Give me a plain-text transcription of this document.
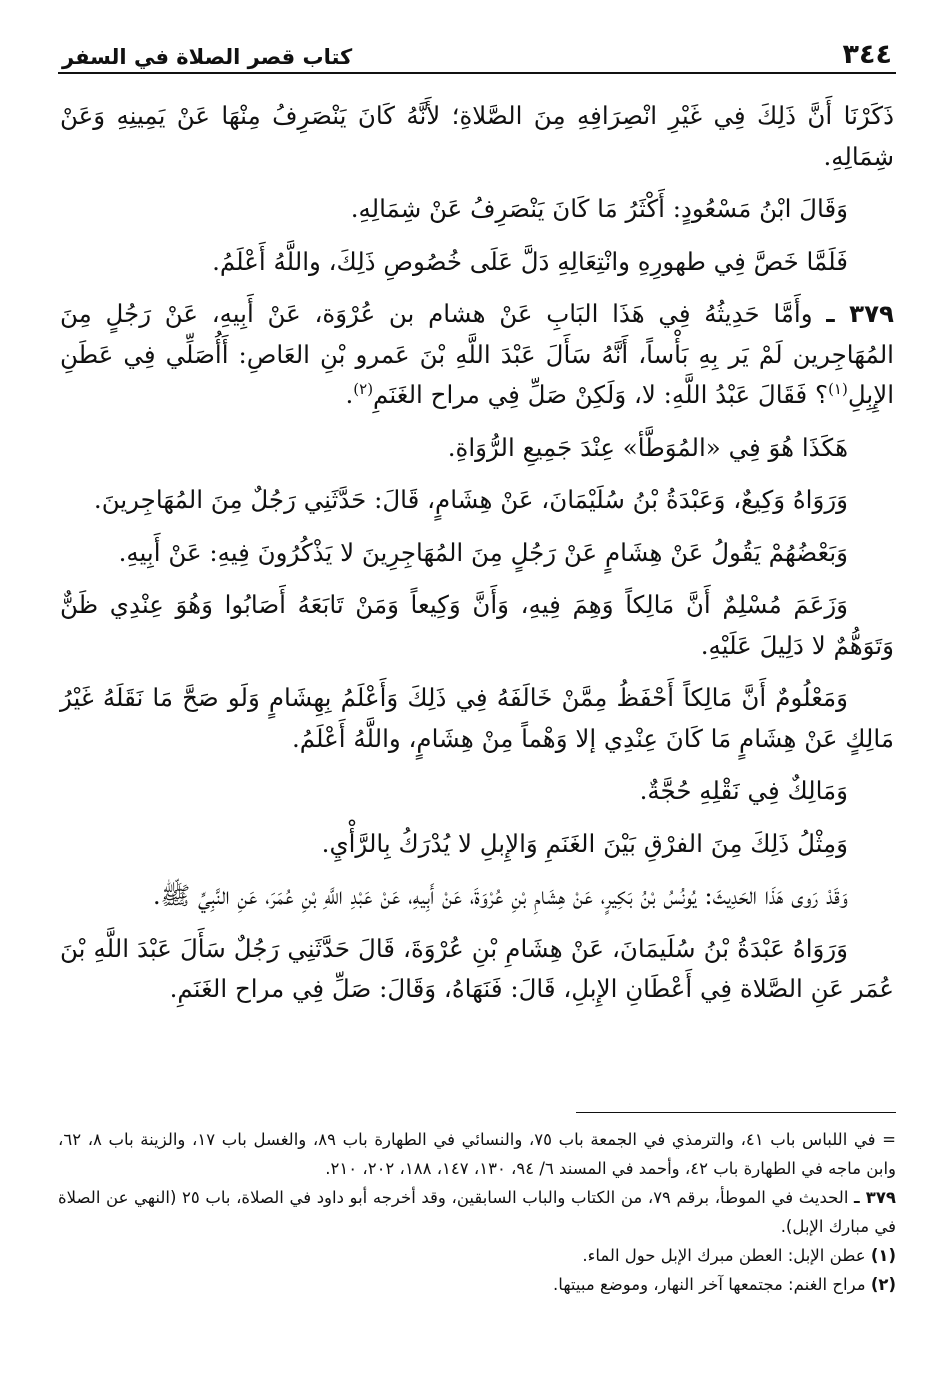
٣٤٤
كتاب قصر الصلاة في السفر

ذَكَرْنَا أَنَّ ذَلِكَ فِي غَيْرِ انْصِرَافِهِ مِنَ الصَّلاةِ؛ لأَنَّهُ كَانَ يَنْصَرِفُ مِنْهَا عَنْ يَمِينِهِ وَعَنْ شِمَالِهِ.

وَقَالَ ابْنُ مَسْعُودٍ: أَكْثَرُ مَا كَانَ يَنْصَرِفُ عَنْ شِمَالِهِ.

فَلَمَّا خَصَّ فِي طهورِهِ وانْتِعَالِهِ دَلَّ عَلَى خُصُوصِ ذَلِكَ، واللَّهُ أَعْلَمُ.

٣٧٩ ـ وأَمَّا حَدِيثُهُ فِي هَذَا البَابِ عَنْ هشام بن عُرْوَة، عَنْ أَبِيهِ، عَنْ رَجُلٍ مِنَ المُهَاجِرين لَمْ يَر بِهِ بَأْساً، أَنَّهُ سَأَلَ عَبْدَ اللَّهِ بْنَ عَمرو بْنِ العَاصِ: أَأُصَلِّي فِي عَطَنِ الإِبِلِ$^{(١)}$؟ فَقَالَ عَبْدُ اللَّهِ: لا، وَلَكِنْ صَلِّ فِي مراح الغَنَمِ$^{(٢)}$.

هَكَذَا هُوَ فِي «المُوَطَّأ» عِنْدَ جَمِيعِ الرُّوَاةِ.

وَرَوَاهُ وَكِيعٌ، وَعَبْدَةُ بْنُ سُلَيْمَانَ، عَنْ هِشَامٍ، قَالَ: حَدَّثَنِي رَجُلٌ مِنَ المُهَاجِرينَ.

وَبَعْضُهُمْ يَقُولُ عَنْ هِشَامٍ عَنْ رَجُلٍ مِنَ المُهَاجِرِينَ لا يَذْكُرُونَ فِيهِ: عَنْ أَبِيهِ.

وَزَعَمَ مُسْلِمٌ أَنَّ مَالِكاً وَهِمَ فِيهِ، وَأَنَّ وَكِيعاً وَمَنْ تَابَعَهُ أَصَابُوا وَهُوَ عِنْدِي ظَنٌّ وَتَوَهُّمٌ لا دَلِيلَ عَلَيْهِ.

وَمَعْلُومٌ أَنَّ مَالِكاً أَحْفَظُ مِمَّنْ خَالَفَهُ فِي ذَلِكَ وَأَعْلَمُ بِهِشَامٍ وَلَو صَحَّ مَا نَقَلَهُ غَيْرُ مَالِكٍ عَنْ هِشَامٍ مَا كَانَ عِنْدِي إلا وَهْماً مِنْ هِشَامٍ، واللَّهُ أَعْلَمُ.

وَمَالِكٌ فِي نَقْلِهِ حُجَّةٌ.

وَمِثْلُ ذَلِكَ مِنَ الفرْقِ بَيْنَ الغَنَمِ وَالإِبلِ لا يُدْرَكُ بِالرَّأْيِ.

وَقَدْ رَوى هَذَا الحَدِيثَ: يُونُسُ بْنُ بَكِيرٍ، عَنْ هِشَامِ بْنِ عُرْوَةَ، عَنْ أَبِيهِ، عَنْ عَبْدِ اللَّهِ بْنِ عُمَرَ، عَنِ النَّبِيِّ ﷺ.

وَرَوَاهُ عَبْدَةُ بْنُ سُلَيمَانَ، عَنْ هِشَامِ بْنِ عُرْوَةَ، قَالَ حَدَّثَنِي رَجُلٌ سَأَلَ عَبْدَ اللَّهِ بْنَ عُمَر عَنِ الصَّلاة فِي أَعْطَانِ الإِبلِ، قَالَ: فَنَهَاهُ، وَقَالَ: صَلِّ فِي مراح الغَنَمِ.

= في اللباس باب ٤١، والترمذي في الجمعة باب ٧٥، والنسائي في الطهارة باب ٨٩، والغسل باب ١٧، والزينة باب ٨، ٦٢، وابن ماجه في الطهارة باب ٤٢، وأحمد في المسند ٦/ ٩٤، ١٣٠، ١٤٧، ١٨٨، ٢٠٢، ٢١٠.

٣٧٩ ـ الحديث في الموطأ، برقم ٧٩، من الكتاب والباب السابقين، وقد أخرجه أبو داود في الصلاة، باب ٢٥ (النهي عن الصلاة في مبارك الإبل).

(١) عطن الإبل: العطن مبرك الإبل حول الماء.

(٢) مراح الغنم: مجتمعها آخر النهار، وموضع مبيتها.
